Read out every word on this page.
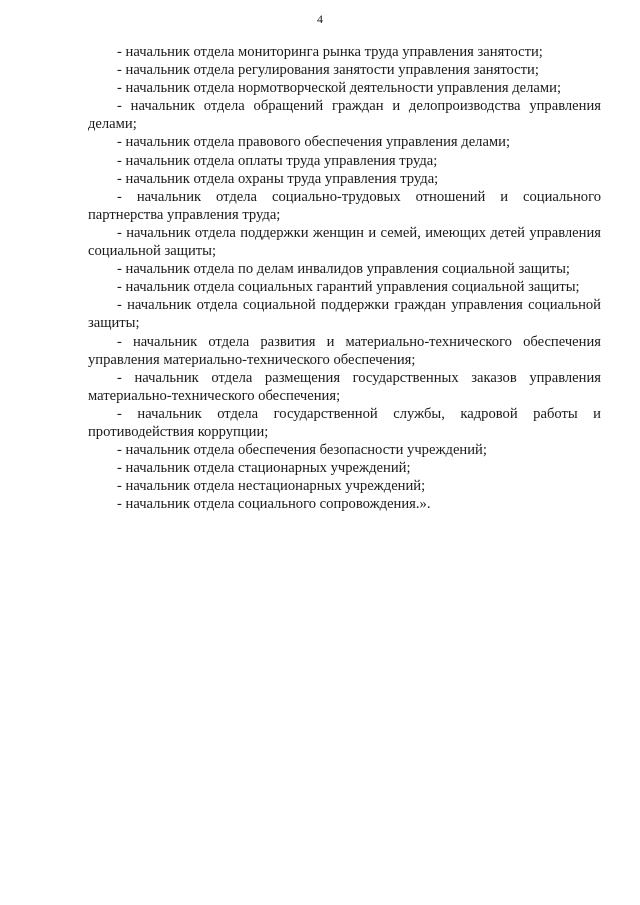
4

- начальник отдела мониторинга рынка труда управления занятости;

- начальник отдела регулирования занятости управления занятости;

- начальник отдела нормотворческой деятельности управления делами;

- начальник отдела обращений граждан и делопроизводства управления делами;

- начальник отдела правового обеспечения управления делами;

- начальник отдела оплаты труда управления труда;

- начальник отдела охраны труда управления труда;

- начальник отдела социально-трудовых отношений и социального партнерства управления труда;

- начальник отдела поддержки женщин и семей, имеющих детей управления социальной защиты;

- начальник отдела по делам инвалидов управления социальной защиты;

- начальник отдела социальных гарантий управления социальной защиты;

- начальник отдела социальной поддержки граждан управления социальной защиты;

- начальник отдела развития и материально-технического обеспечения управления материально-технического обеспечения;

- начальник отдела размещения государственных заказов управления материально-технического обеспечения;

- начальник отдела государственной службы, кадровой работы и противодействия коррупции;

- начальник отдела обеспечения безопасности учреждений;

- начальник отдела стационарных учреждений;

- начальник отдела нестационарных учреждений;

- начальник отдела социального сопровождения.».
